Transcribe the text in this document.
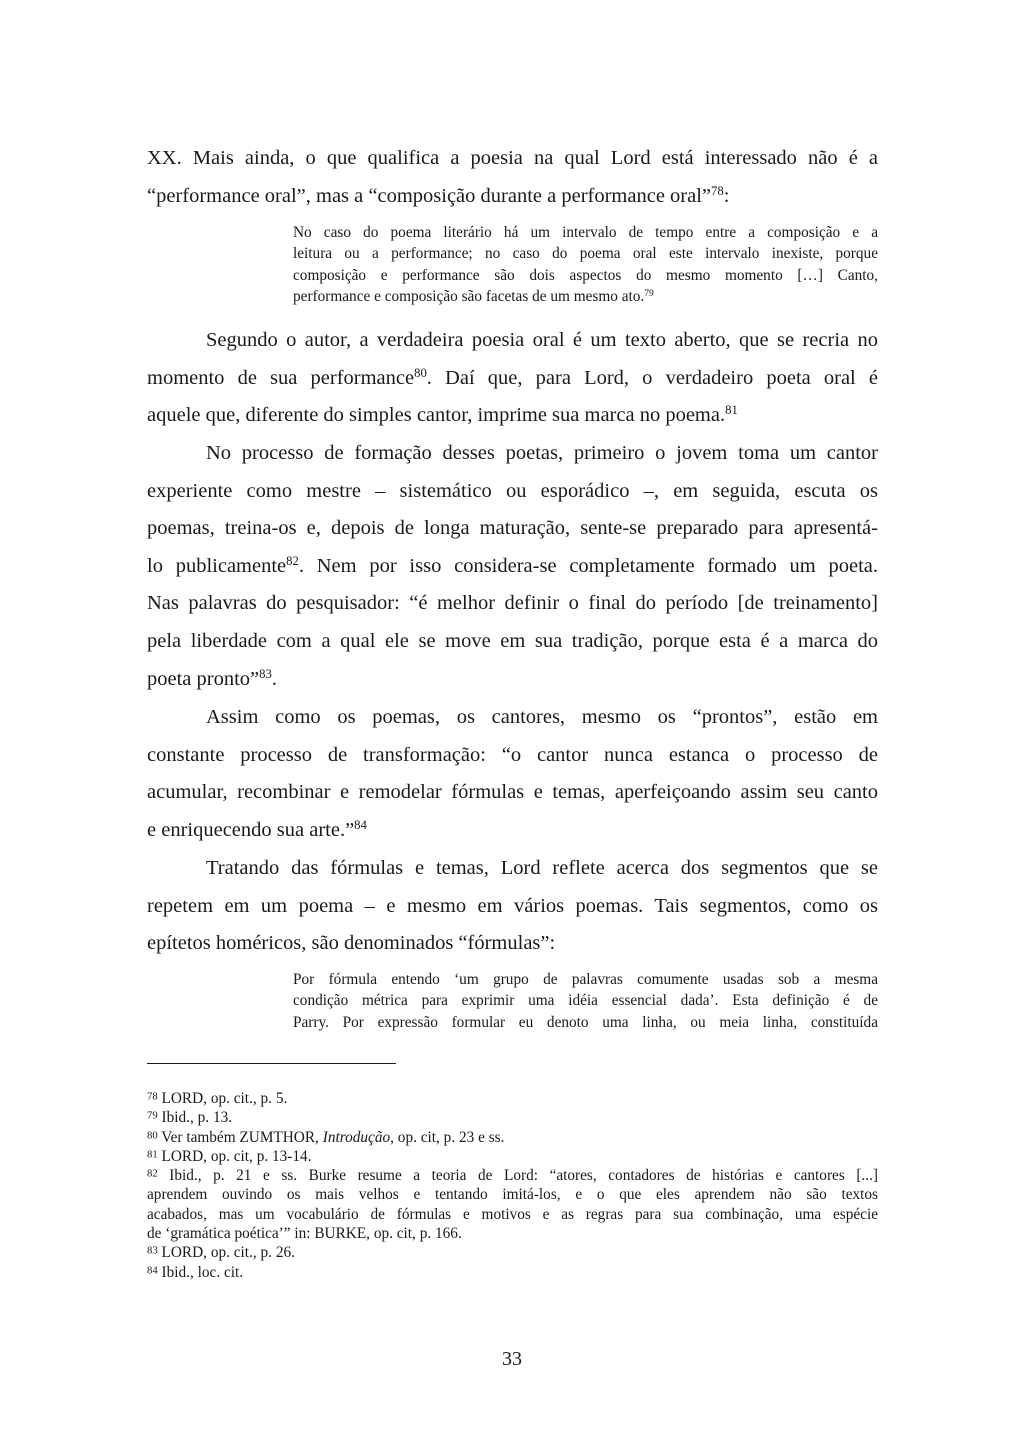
XX. Mais ainda, o que qualifica a poesia na qual Lord está interessado não é a
“performance oral”, mas a “composição durante a performance oral”$^{78}$:
No caso do poema literário há um intervalo de tempo entre a composição e a
leitura ou a performance; no caso do poema oral este intervalo inexiste, porque
composição e performance são dois aspectos do mesmo momento […] Canto,
performance e composição são facetas de um mesmo ato.$^{79}$
Segundo o autor, a verdadeira poesia oral é um texto aberto, que se recria no
momento de sua performance$^{80}$. Daí que, para Lord, o verdadeiro poeta oral é
aquele que, diferente do simples cantor, imprime sua marca no poema.$^{81}$
No processo de formação desses poetas, primeiro o jovem toma um cantor
experiente como mestre – sistemático ou esporádico –, em seguida, escuta os
poemas, treina-os e, depois de longa maturação, sente-se preparado para apresentá-
lo publicamente$^{82}$. Nem por isso considera-se completamente formado um poeta.
Nas palavras do pesquisador: “é melhor definir o final do período [de treinamento]
pela liberdade com a qual ele se move em sua tradição, porque esta é a marca do
poeta pronto”$^{83}$.
Assim como os poemas, os cantores, mesmo os “prontos”, estão em
constante processo de transformação: “o cantor nunca estanca o processo de
acumular, recombinar e remodelar fórmulas e temas, aperfeiçoando assim seu canto
e enriquecendo sua arte.”$^{84}$
Tratando das fórmulas e temas, Lord reflete acerca dos segmentos que se
repetem em um poema – e mesmo em vários poemas. Tais segmentos, como os
epítetos homéricos, são denominados “fórmulas”:
Por fórmula entendo ‘um grupo de palavras comumente usadas sob a mesma
condição métrica para exprimir uma idéia essencial dada’. Esta definição é de
Parry. Por expressão formular eu denoto uma linha, ou meia linha, constituída
$^{78}$ LORD, op. cit., p. 5.
$^{79}$ Ibid., p. 13.
$^{80}$ Ver também ZUMTHOR, Introdução, op. cit, p. 23 e ss.
$^{81}$ LORD, op. cit, p. 13-14.
$^{82}$ Ibid., p. 21 e ss. Burke resume a teoria de Lord: “atores, contadores de histórias e cantores [...]
aprendem ouvindo os mais velhos e tentando imitá-los, e o que eles aprendem não são textos
acabados, mas um vocabulário de fórmulas e motivos e as regras para sua combinação, uma espécie
de ‘gramática poética’” in: BURKE, op. cit, p. 166.
$^{83}$ LORD, op. cit., p. 26.
$^{84}$ Ibid., loc. cit.
33
